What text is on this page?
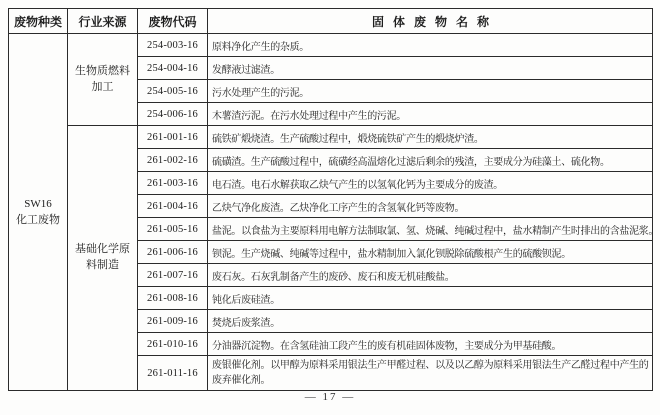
废物种类	行业来源	废物代码	固体废物名称

SW16
化工废物	生物质燃料加工	254-003-16	原料净化产生的杂质。
		254-004-16	发酵液过滤渣。
		254-005-16	污水处理产生的污泥。
		254-006-16	木薯渣污泥。在污水处理过程中产生的污泥。
	基础化学原料制造	261-001-16	硫铁矿煅烧渣。生产硫酸过程中，煅烧硫铁矿产生的煅烧炉渣。
		261-002-16	硫磺渣。生产硫酸过程中，硫磺经高温熔化过滤后剩余的残渣，主要成分为硅藻土、硫化物。
		261-003-16	电石渣。电石水解获取乙炔气产生的以氢氧化钙为主要成分的废渣。
		261-004-16	乙炔气净化废渣。乙炔净化工序产生的含氢氧化钙等废物。
		261-005-16	盐泥。以食盐为主要原料用电解方法制取氯、氢、烧碱、纯碱过程中，盐水精制产生时排出的含盐泥浆。
		261-006-16	钡泥。生产烧碱、纯碱等过程中，盐水精制加入氯化钡脱除硫酸根产生的硫酸钡泥。
		261-007-16	废石灰。石灰乳制备产生的废砂、废石和废无机硅酸盐。
		261-008-16	钝化后废硅渣。
		261-009-16	焚烧后废浆渣。
		261-010-16	分油器沉淀物。在含氢硅油工段产生的废有机硅固体废物，主要成分为甲基硅酸。
		261-011-16	废银催化剂。以甲醇为原料采用银法生产甲醛过程、以及以乙醇为原料采用银法生产乙醛过程中产生的废弃催化剂。
— 17 —
